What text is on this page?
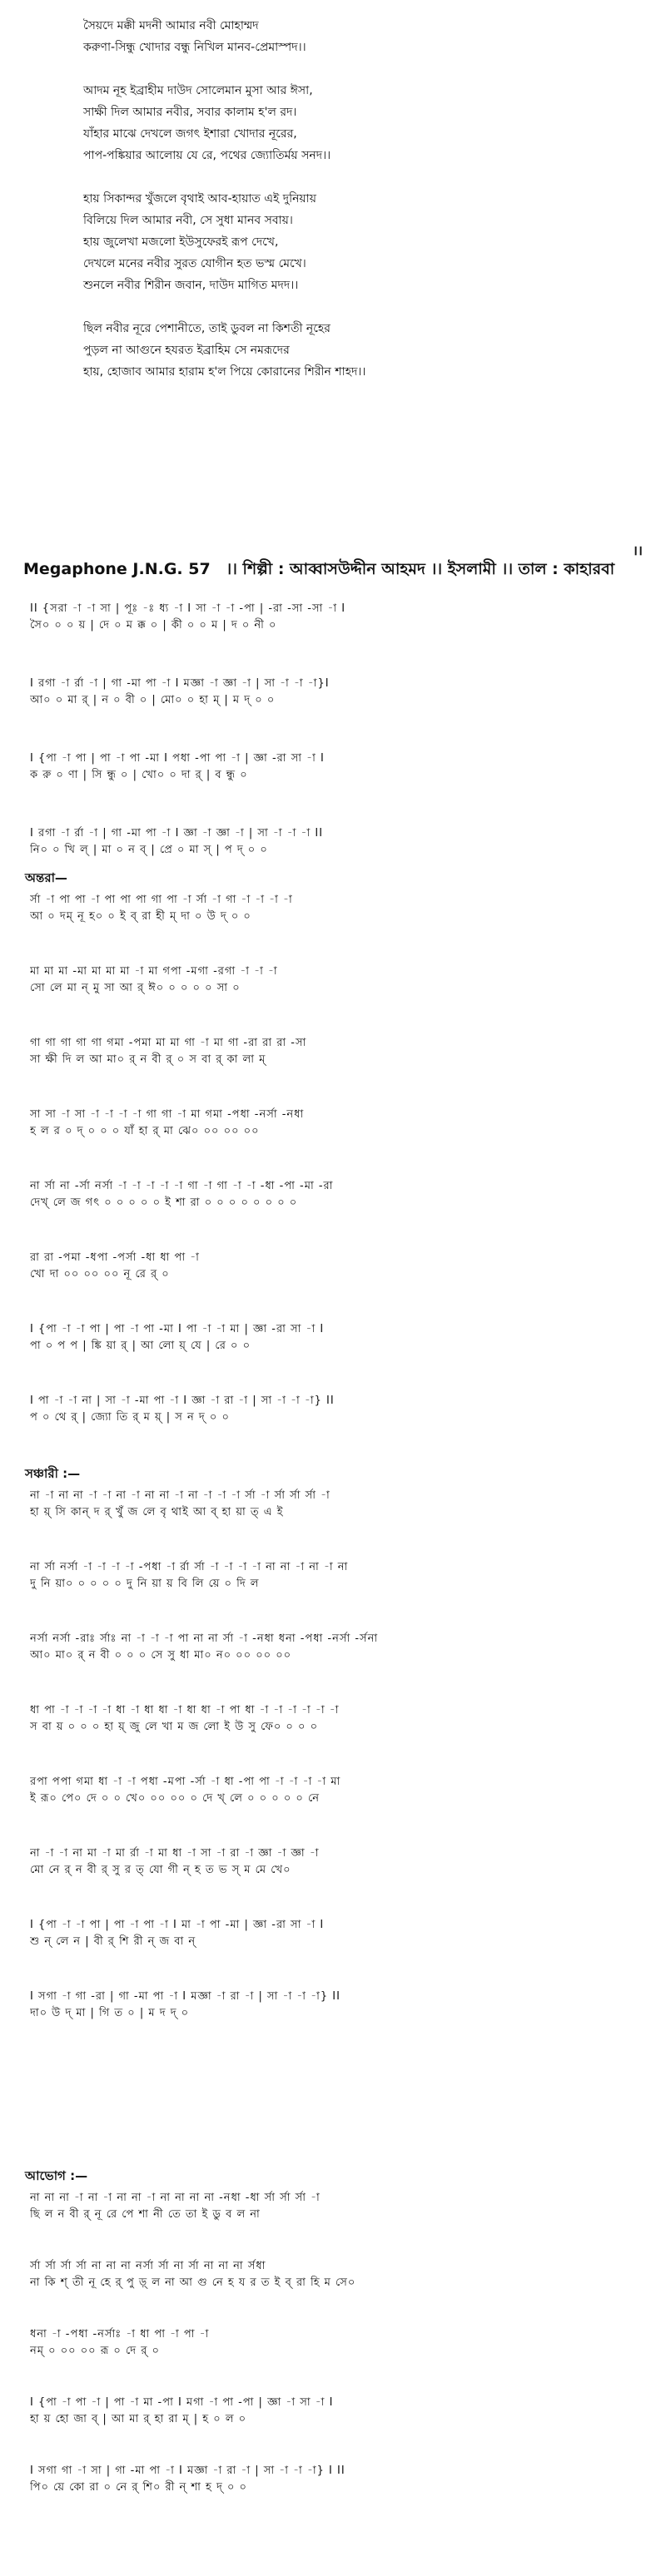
সৈয়দে মক্কী মদনী আমার নবী মোহাম্মদ
করুণা-সিন্ধু খোদার বন্ধু নিখিল মানব-প্রেমাস্পদ।।
আদম নূহ ইব্রাহীম দাউদ সোলেমান মুসা আর ঈসা,
সাক্ষী দিল আমার নবীর, সবার কালাম হ'ল রদ।
যাঁহার মাঝে দেখলে জগৎ ইশারা খোদার নূরের,
পাপ-পঙ্কিয়ার আলোয় যে রে, পথের জ্যোতির্ময় সনদ।।
হায় সিকান্দর খুঁজলে বৃথাই আব-হায়াত এই দুনিয়ায়
বিলিয়ে দিল আমার নবী, সে সুধা মানব সবায়।
হায় জুলেখা মজলো ইউসুফেরই রূপ দেখে,
দেখলে মনের নবীর সুরত যোগীন হত ভস্ম মেখে।
শুনলে নবীর শিরীন জবান, দাউদ মাগিত মদদ।।
ছিল নবীর নূরে পেশানীতে, তাই ডুবল না কিশতী নূহের
পুড়ল না আগুনে হযরত ইব্রাহিম সে নমরূদের
হায়, হোজাব আমার হারাম হ'ল পিয়ে কোরানের শিরীন শাহদ।।
।।
Megaphone J.N.G. 57 ।। শিল্পী : আব্বাসউদ্দীন আহমদ ।। ইসলামী ।। তাল : কাহারবা
II {সরা -া -া সা | পূঃ -ঃ ধ্য -া I সা -া -া -পা | -রা -সা -সা -া I
সৈ০ ০ ০ য় | দে ০ ম ক্ক ০ | কী ০ ০ ম | দ ০ নী ০
I রগা -া র্রা -া | গা -মা পা -া I মজ্ঞা -া জ্ঞা -া | সা -া -া -া}I
আ০ ০ মা র্ | ন ০ বী ০ | মো০ ০ হা ম্ | ম দ্ ০ ০
I {পা -া পা | পা -া পা -মা I পধা -পা পা -া | জ্ঞা -রা সা -া I
ক রু ০ ণা | সি ন্ধু ০ | খো০ ০ দা র্ | ব ন্ধু ০
I রগা -া র্রা -া | গা -মা পা -া I জ্ঞা -া জ্ঞা -া | সা -া -া -া II
নি০ ০ খি ল্ | মা ০ ন ব্ | প্রে ০ মা স্ | প দ্ ০ ০
অন্তরা—
র্সা -া পা পা -া পা পা পা গা পা -া র্সা -া গা -া -া -া -া
আ ০ দম্ নূ হ০ ০ ই ব্ রা হী ম্ দা ০ উ দ্ ০ ০
মা মা মা -মা মা মা মা -া মা গপা -মগা -রগা -া -া -া
সো লে মা ন্ মু সা আ র্ ঈ০ ০ ০ ০ ০ সা ০
গা গা গা গা গা গমা -পমা মা মা গা -া মা গা -রা রা রা -সা
সা ক্ষী দি ল আ মা০ র্ ন বী র্ ০ স বা র্ কা লা ম্
সা সা -া সা -া -া -া -া গা গা -া মা গমা -পধা -নর্সা -নধা
হ ল র ০ দ্ ০ ০ ০ যাঁ হা র্ মা ঝে০ ০০ ০০ ০০
না র্সা না -র্সা নর্সা -া -া -া -া -া গা -া গা -া -া -ধা -পা -মা -রা
দেখ্‌ লে জ গৎ ০ ০ ০ ০ ০ ই শা রা ০ ০ ০ ০ ০ ০ ০ ০
রা রা -পমা -ধপা -পর্সা -ধা ধা পা -া
খো দা ০০ ০০ ০০ নূ রে র্ ০
I {পা -া -া পা | পা -া পা -মা I পা -া -া মা | জ্ঞা -রা সা -া I
পা ০ প প | ঙ্কি য়া র্ | আ লো য়্ যে | রে ০ ০
I পা -া -া না | সা -া -মা পা -া I জ্ঞা -া রা -া | সা -া -া -া} II
প ০ থে র্ | জ্যো তি র্ ম য়্ | স ন দ্ ০ ০
সঞ্চারী :—
না -া না না -া -া না -া না না -া না -া -া -া র্সা -া র্সা র্সা র্সা -া
হা য়্ সি কান্ দ র্ খুঁ জ লে বৃ থাই আ ব্ হা য়া ত্ এ ই
না র্সা নর্সা -া -া -া -া -পধা -া র্রা র্সা -া -া -া -া না না -া না -া না
দু নি য়া০ ০ ০ ০ ০ দু নি য়া য় বি লি য়ে ০ দি ল
নর্সা নর্সা -রাঃ র্সাঃ না -া -া -া পা না না র্সা -া -নধা ধনা -পধা -নর্সা -র্সনা
আ০ মা০ র্ ন বী ০ ০ ০ সে সু ধা মা০ ন০ ০০ ০০ ০০
ধা পা -া -া -া -া ধা -া ধা ধা -া ধা ধা -া পা ধা -া -া -া -া -া -া
স বা য় ০ ০ ০ হা য়্ জু লে খা ম জ লো ই উ সু ফে০ ০ ০ ০
রপা পপা গমা ধা -া -া পধা -মপা -র্সা -া ধা -পা পা -া -া -া -া মা
ই রূ০ পে০ দে ০ ০ খে০ ০০ ০০ ০ দে খ্ লে ০ ০ ০ ০ ০ নে
না -া -া না মা -া মা র্রা -া মা ধা -া সা -া রা -া জ্ঞা -া জ্ঞা -া
মো নে র্ ন বী র্ সু র ত্ যো গী ন্ হ ত ভ স্ ম মে খে০
I {পা -া -া পা | পা -া পা -া I মা -া পা -মা | জ্ঞা -রা সা -া I
শু ন্ লে ন | বী র্ শি রী ন্ জ বা ন্
I সগা -া গা -রা | গা -মা পা -া I মজ্ঞা -া রা -া | সা -া -া -া} II
দা০ উ দ্ মা | গি ত ০ | ম দ দ্ ০
আভোগ :—
না না না -া না -া না না -া না না না না -নধা -ধা র্সা র্সা র্সা -া
ছি ল ন বী র্ নূ রে পে শা নী তে তা ই ডু ব ল না
র্সা র্সা র্সা র্সা না না না নর্সা র্সা না র্সা না না না র্সধা
না কি শ্ তী নূ হে র্ পু ড়্ ল না আ গু নে হ য র ত ই ব্ রা হি ম সে০
ধনা -া -পধা -নর্সাঃ -া ধা পা -া পা -া
নম্ ০ ০০ ০০ রূ ০ দে র্ ০
I {পা -া পা -া | পা -া মা -পা I মগা -া পা -পা | জ্ঞা -া সা -া I
হা য় হো জা ব্ | আ মা র্ হা রা ম্ | হ ০ ল ০
I সগা গা -া সা | গা -মা পা -া I মজ্ঞা -া রা -া | সা -া -া -া} I II
পি০ য়ে কো রা ০ নে র্ শি০ রী ন্ শা হ দ্ ০ ০
